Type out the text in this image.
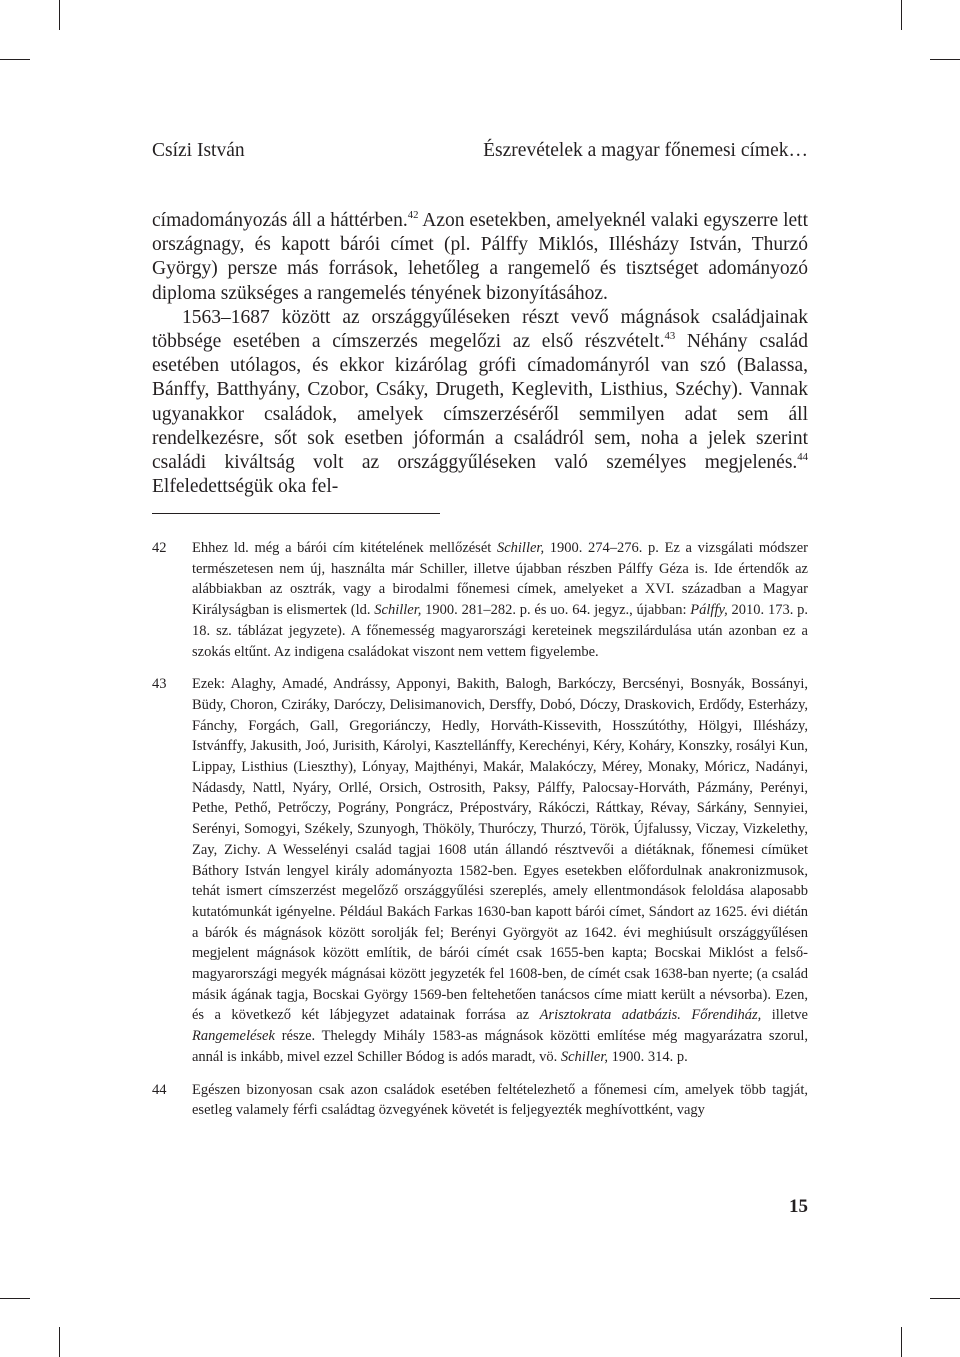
Csízi István	Észrevételek a magyar főnemesi címek…

címadományozás áll a háttérben.$^{42}$ Azon esetekben, amelyeknél valaki egyszerre lett országnagy, és kapott bárói címet (pl. Pálffy Miklós, Illésházy István, Thurzó György) persze más források, lehetőleg a rangemelő és tisztséget adományozó diploma szükséges a rangemelés tényének bizonyításához.

1563–1687 között az országgyűléseken részt vevő mágnások családjainak többsége esetében a címszerzés megelőzi az első részvételt.$^{43}$ Néhány család esetében utólagos, és ekkor kizárólag grófi címadományról van szó (Balassa, Bánffy, Batthyány, Czobor, Csáky, Drugeth, Keglevith, Listhius, Széchy). Vannak ugyanakkor családok, amelyek címszerzéséről semmilyen adat sem áll rendelkezésre, sőt sok esetben jóformán a családról sem, noha a jelek szerint családi kiváltság volt az országgyűléseken való személyes megjelenés.$^{44}$ Elfeledettségük oka fel-

42 Ehhez ld. még a bárói cím kitételének mellőzését Schiller, 1900. 274–276. p. Ez a vizsgálati módszer természetesen nem új, használta már Schiller, illetve újabban részben Pálffy Géza is. Ide értendők az alábbiakban az osztrák, vagy a birodalmi főnemesi címek, amelyeket a XVI. században a Magyar Királyságban is elismertek (ld. Schiller, 1900. 281–282. p. és uo. 64. jegyz., újabban: Pálffy, 2010. 173. p. 18. sz. táblázat jegyzete). A főnemesség magyarországi kereteinek megszilárdulása után azonban ez a szokás eltűnt. Az indigena családokat viszont nem vettem figyelembe.
43 Ezek: Alaghy, Amadé, Andrássy, Apponyi, Bakith, Balogh, Barkóczy, Bercsényi, Bosnyák, Bossányi, Büdy, Choron, Cziráky, Daróczy, Delisimanovich, Dersffy, Dobó, Dóczy, Draskovich, Erdődy, Esterházy, Fánchy, Forgách, Gall, Gregoriánczy, Hedly, Horváth-Kissevith, Hosszútóthy, Hölgyi, Illésházy, Istvánffy, Jakusith, Joó, Jurisith, Károlyi, Kasztellánffy, Kerechényi, Kéry, Koháry, Konszky, rosályi Kun, Lippay, Listhius (Lieszthy), Lónyay, Majthényi, Makár, Malakóczy, Mérey, Monaky, Móricz, Nadányi, Nádasdy, Nattl, Nyáry, Orllé, Orsich, Ostrosith, Paksy, Pálffy, Palocsay-Horváth, Pázmány, Perényi, Pethe, Pethő, Petrőczy, Pográny, Pongrácz, Prépostváry, Rákóczi, Ráttkay, Révay, Sárkány, Sennyiei, Serényi, Somogyi, Székely, Szunyogh, Thököly, Thuróczy, Thurzó, Török, Újfalussy, Viczay, Vizkelethy, Zay, Zichy. A Wesselényi család tagjai 1608 után állandó résztvevői a diétáknak, főnemesi címüket Báthory István lengyel király adományozta 1582-ben. Egyes esetekben előfordulnak anakronizmusok, tehát ismert címszerzést megelőző országgyűlési szereplés, amely ellentmondások feloldása alaposabb kutatómunkát igényelne. Például Bakách Farkas 1630-ban kapott bárói címet, Sándort az 1625. évi diétán a bárók és mágnások között sorolják fel; Berényi Györgyöt az 1642. évi meghiúsult országgyűlésen megjelent mágnások között említik, de bárói címét csak 1655-ben kapta; Bocskai Miklóst a felső-magyarországi megyék mágnásai között jegyzeték fel 1608-ben, de címét csak 1638-ban nyerte; (a család másik ágának tagja, Bocskai György 1569-ben feltehetően tanácsos címe miatt került a névsorba). Ezen, és a következő két lábjegyzet adatainak forrása az Arisztokrata adatbázis. Főrendiház, illetve Rangemelések része. Thelegdy Mihály 1583-as mágnások közötti említése még magyarázatra szorul, annál is inkább, mivel ezzel Schiller Bódog is adós maradt, vö. Schiller, 1900. 314. p.
44 Egészen bizonyosan csak azon családok esetében feltételezhető a főnemesi cím, amelyek több tagját, esetleg valamely férfi családtag özvegyének követét is feljegyezték meghívottként, vagy
15
